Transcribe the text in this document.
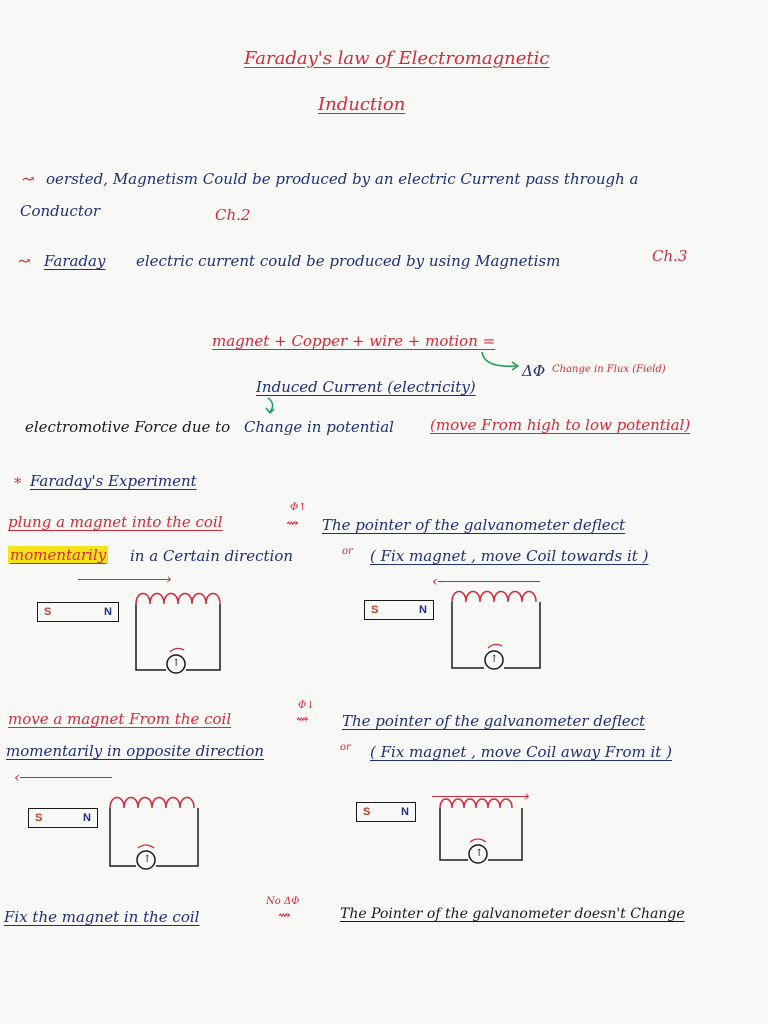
Faraday's law of Electromagnetic
Induction
↝ oersted, Magnetism Could be produced by an electric Current pass through a
Conductor	Ch.2
↝ Faraday electric current could be produced by using Magnetism	Ch.3
magnet + Copper + wire + motion =
ΔΦ Change in Flux (Field)
Induced Current (electricity)
electromotive Force due to Change in potential (move From high to low potential)
* Faraday's Experiment
plung a magnet into the coil
Φ↑
⇝ The pointer of the galvanometer deflect
momentarily in a Certain direction	or ( Fix magnet , move Coil towards it )
›
S	N
↑
‹
S	N
↑
move a magnet From the coil
Φ↓
⇝ The pointer of the galvanometer deflect
momentarily in opposite direction	or ( Fix magnet , move Coil away From it )
‹
S	N
↑
›
S	N
↑
Fix the magnet in the coil
No ΔΦ
⇝	The Pointer of the galvanometer doesn't Change
